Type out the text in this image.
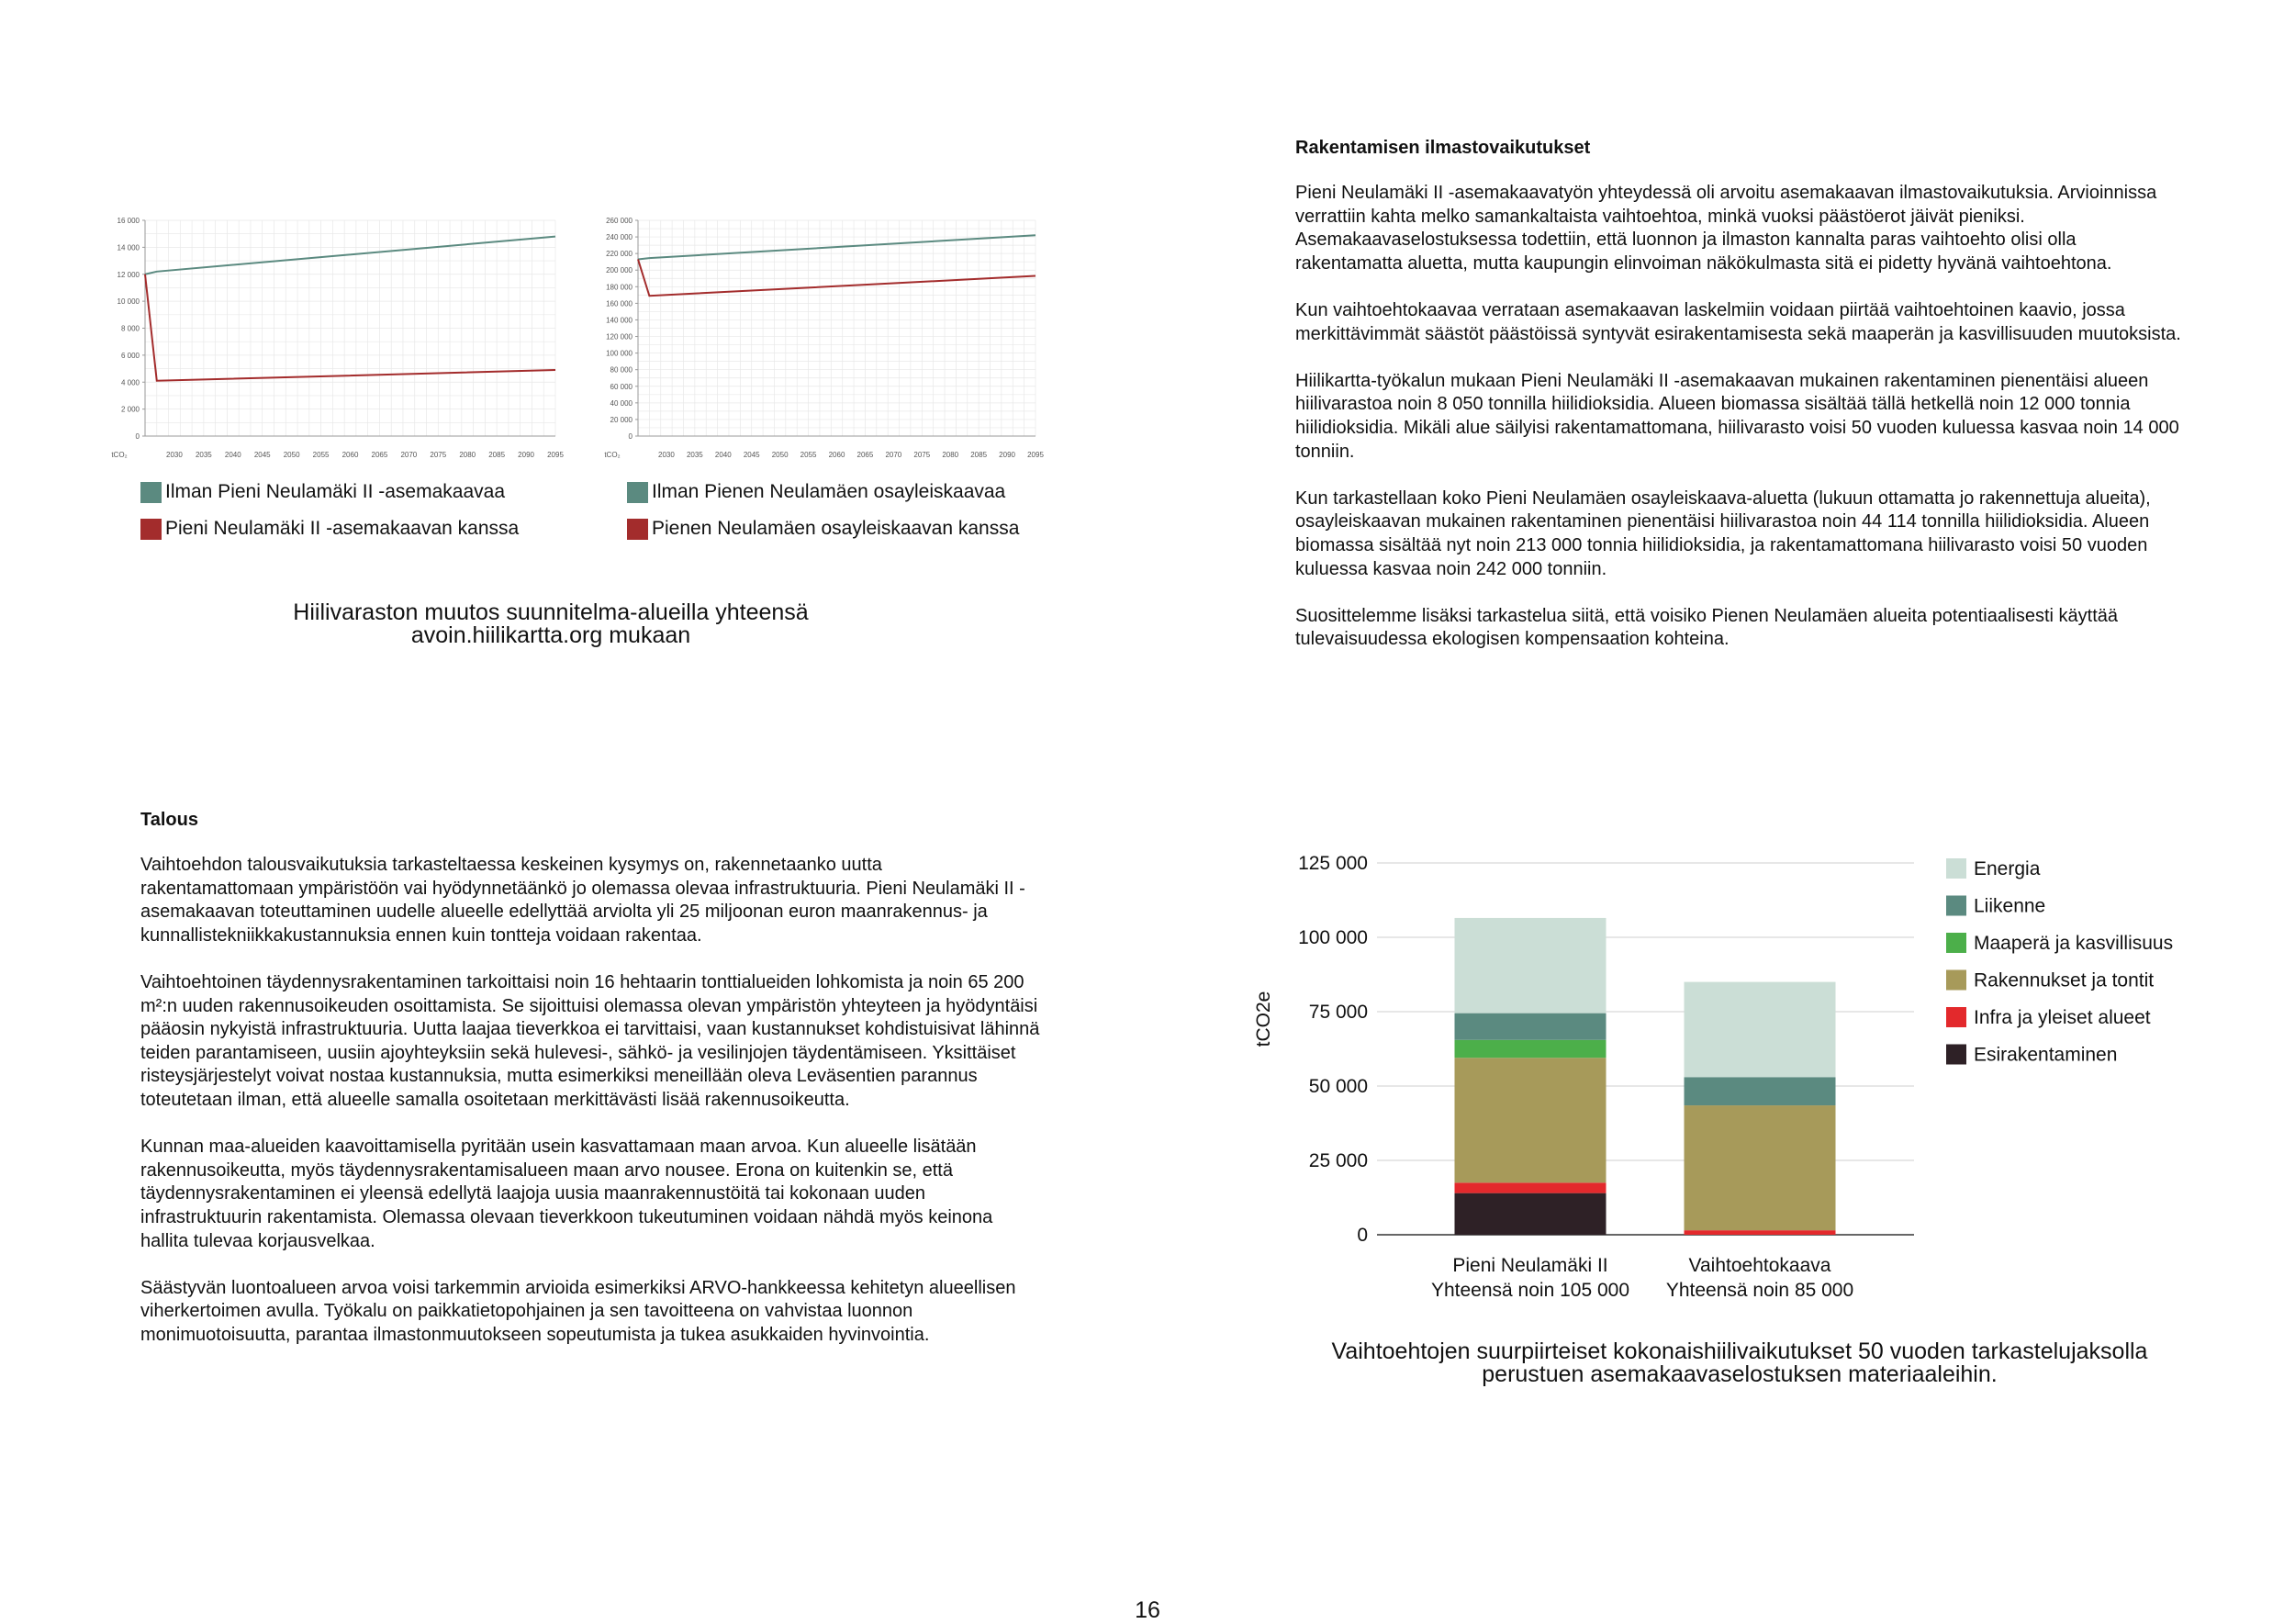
16 000
14 000
12 000
10 000
8 000
6 000
4 000
2 000
0
2030 2035 2040 2045 2050 2055 2060 2065 2070 2075 2080 2085 2090 2095
tCO₂
260 000
240 000
220 000
200 000
180 000
160 000
140 000
120 000
100 000
80 000
60 000
40 000
20 000
0
2030 2035 2040 2045 2050 2055 2060 2065 2070 2075 2080 2085 2090 2095
tCO₂
Ilman Pieni Neulamäki II -asemakaavaa
Pieni Neulamäki II -asemakaavan kanssa
Ilman Pienen Neulamäen osayleiskaavaa
Pienen Neulamäen osayleiskaavan kanssa
Hiilivaraston muutos suunnitelma-alueilla yhteensä
avoin.hiilikartta.org mukaan
Rakentamisen ilmastovaikutukset

Pieni Neulamäki II -asemakaavatyön yhteydessä oli arvoitu asemakaavan ilmastovaikutuksia. Arvioinnissa verrattiin kahta melko samankaltaista vaihtoehtoa, minkä vuoksi päästöerot jäivät pieniksi. Asemakaavaselostuksessa todettiin, että luonnon ja ilmaston kannalta paras vaihtoehto olisi olla rakentamatta aluetta, mutta kaupungin elinvoiman näkökulmasta sitä ei pidetty hyvänä vaihtoehtona.

Kun vaihtoehtokaavaa verrataan asemakaavan laskelmiin voidaan piirtää vaihtoehtoinen kaavio, jossa merkittävimmät säästöt päästöissä syntyvät esirakentamisesta sekä maaperän ja kasvillisuuden muutoksista.

Hiilikartta-työkalun mukaan Pieni Neulamäki II -asemakaavan mukainen rakentaminen pienentäisi alueen hiilivarastoa noin 8 050 tonnilla hiilidioksidia. Alueen biomassa sisältää tällä hetkellä noin 12 000 tonnia hiilidioksidia. Mikäli alue säilyisi rakentamattomana, hiilivarasto voisi 50 vuoden kuluessa kasvaa noin 14 000 tonniin.

Kun tarkastellaan koko Pieni Neulamäen osayleiskaava-aluetta (lukuun ottamatta jo rakennettuja alueita), osayleiskaavan mukainen rakentaminen pienentäisi hiilivarastoa noin 44 114 tonnilla hiilidioksidia. Alueen biomassa sisältää nyt noin 213 000 tonnia hiilidioksidia, ja rakentamattomana hiilivarasto voisi 50 vuoden kuluessa kasvaa noin 242 000 tonniin.

Suosittelemme lisäksi tarkastelua siitä, että voisiko Pienen Neulamäen alueita potentiaalisesti käyttää tulevaisuudessa ekologisen kompensaation kohteina.

Talous

Vaihtoehdon talousvaikutuksia tarkasteltaessa keskeinen kysymys on, rakennetaanko uutta rakentamattomaan ympäristöön vai hyödynnetäänkö jo olemassa olevaa infrastruktuuria. Pieni Neulamäki II -asemakaavan toteuttaminen uudelle alueelle edellyttää arviolta yli 25 miljoonan euron maanrakennus- ja kunnallistekniikkakustannuksia ennen kuin tontteja voidaan rakentaa.

Vaihtoehtoinen täydennysrakentaminen tarkoittaisi noin 16 hehtaarin tonttialueiden lohkomista ja noin 65 200 m²:n uuden rakennusoikeuden osoittamista. Se sijoittuisi olemassa olevan ympäristön yhteyteen ja hyödyntäisi pääosin nykyistä infrastruktuuria. Uutta laajaa tieverkkoa ei tarvittaisi, vaan kustannukset kohdistuisivat lähinnä teiden parantamiseen, uusiin ajoyhteyksiin sekä hulevesi-, sähkö- ja vesilinjojen täydentämiseen. Yksittäiset risteysjärjestelyt voivat nostaa kustannuksia, mutta esimerkiksi meneillään oleva Leväsentien parannus toteutetaan ilman, että alueelle samalla osoitetaan merkittävästi lisää rakennusoikeutta.

Kunnan maa-alueiden kaavoittamisella pyritään usein kasvattamaan maan arvoa. Kun alueelle lisätään rakennusoikeutta, myös täydennysrakentamisalueen maan arvo nousee. Erona on kuitenkin se, että täydennysrakentaminen ei yleensä edellytä laajoja uusia maanrakennustöitä tai kokonaan uuden infrastruktuurin rakentamista. Olemassa olevaan tieverkkoon tukeutuminen voidaan nähdä myös keinona hallita tulevaa korjausvelkaa.

Säästyvän luontoalueen arvoa voisi tarkemmin arvioida esimerkiksi ARVO-hankkeessa kehitetyn alueellisen viherkertoimen avulla. Työkalu on paikkatietopohjainen ja sen tavoitteena on vahvistaa luonnon monimuotoisuutta, parantaa ilmastonmuutokseen sopeutumista ja tukea asukkaiden hyvinvointia.

125 000
100 000
75 000
50 000
25 000
0
Energia
Liikenne
Maaperä ja kasvillisuus
Rakennukset ja tontit
Infra ja yleiset alueet
Esirakentaminen
tCO2e
Pieni Neulamäki II
Yhteensä noin 105 000
Vaihtoehtokaava
Yhteensä noin 85 000
Vaihtoehtojen suurpiirteiset kokonaishiilivaikutukset 50 vuoden tarkastelujaksolla perustuen asemakaavaselostuksen materiaaleihin.
16
